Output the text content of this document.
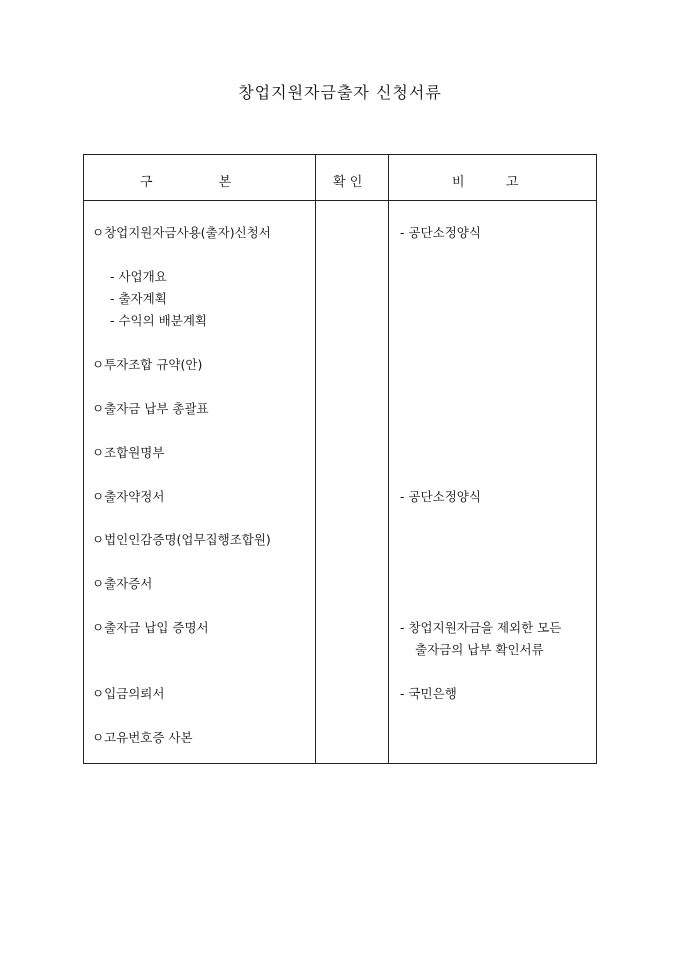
창업지원자금출자 신청서류
구                본	확 인	비          고
ㅇ창업지원자금사용(출자)신청서
- 사업개요
- 출자계획
- 수익의 배분계획
ㅇ투자조합 규약(안)
ㅇ출자금 납부 총괄표
ㅇ조합원명부
ㅇ출자약정서
ㅇ법인인감증명(업무집행조합원)
ㅇ출자증서
ㅇ출자금 납입 증명서
ㅇ입금의뢰서
ㅇ고유번호증 사본
- 공단소정양식
- 공단소정양식
- 창업지원자금을 제외한 모든
출자금의 납부 확인서류
- 국민은행
